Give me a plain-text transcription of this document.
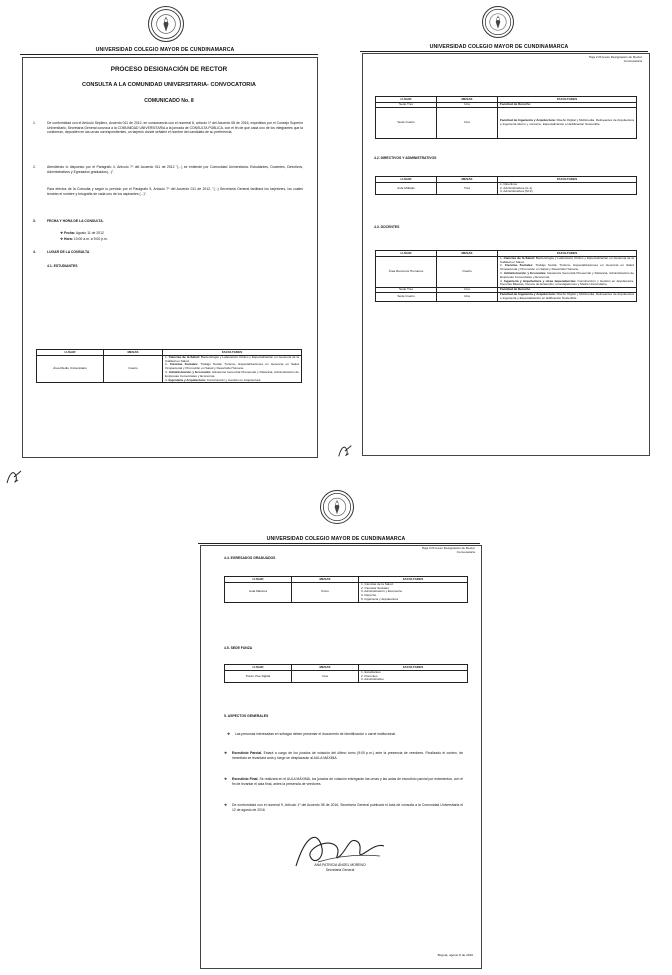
UNIVERSIDAD COLEGIO MAYOR DE CUNDINAMARCA
PROCESO DESIGNACIÓN DE RECTOR
CONSULTA A LA COMUNIDAD UNIVERSITARIA- CONVOCATORIA
COMUNICADO No. 8
1.	De conformidad con el Artículo Séptimo, Acuerdo 011 de 2012, en consonancia con el numeral 8, artículo 1º del Acuerdo 08 de 2016, expedidos por el Consejo Superior Universitario, Secretaría General convoca a la COMUNIDAD UNIVERSITARIA a la jornada de CONSULTA PÚBLICA, con el fin de que cada uno de los integrantes que la conforman, depositen en las urnas correspondientes, un tarjetón donde señalen el nombre del candidato de su preferencia.
2.	Atendiendo lo dispuesto por el Parágrafo 4, Artículo 7º del Acuerdo 011 de 2012 "(...) se entiende por Comunidad Universitaria: Estudiantes, Docentes, Directivos, Administrativos y Egresados graduados(...)".
Para efectos de la Consulta y según lo previsto por el Parágrafo 5, Artículo 7º del Acuerdo 011 de 2012, "(...) Secretaría General facilitará los tarjetones, los cuales tendrán el nombre y fotografía de cada uno de los aspirantes (...)".
3.	FECHA Y HORA DE LA CONSULTA.
❖ Fecha: Agosto 11 de 2012
❖ Hora: 10:00 a.m. a 9:00 p.m.
4.	LUGAR DE LA CONSULTA
4.1. ESTUDIANTES
LUGAR	MESAS	FACULTADES
Área Medio Universitario	Cuatro	1. Ciencias de la Salud: Bacteriología y Laboratorio Clínico y Especialización en Gerencia de la Calidad en Salud.
2. Ciencias Sociales: Trabajo Social, Turismo, Especializaciones en Gerencia en Salud Ocupacional y Promoción en Salud y Desarrollo Humano.
3. Administración y Economía: Asistencia Gerencial Presencial y Distancia, Administración de Empresas Comerciales y Economía.
4. Ingeniería y Arquitectura: Construcción y Gestión en Arquitectura.
UNIVERSIDAD COLEGIO MAYOR DE CUNDINAMARCA
Hoja 2 Proceso Designación de Rector
Convocatoria
LUGAR	MESAS	FACULTADES
Sede Tres	Una	Facultad de Derecho
Sede Cuatro	Una	Facultad de Ingeniería y Arquitectura: Diseño Digital y Multimedia, Delineantes de Arquitectura e Ingeniería diurno y nocturno, Especialización en Edificación Sostenible.
4.2. DIRECTIVOS Y ADMINISTRATIVOS
LUGAR	MESAS	FACULTADES
Aula Múltiple	Tres	1. Directivos
2. Administrativos (A-1)
3. Administrativos (M-2)
4.3. DOCENTES
LUGAR	MESAS	FACULTADES
Área Recursos Humanos	Cuatro	1. Ciencias de la Salud: Bacteriología y Laboratorio Clínico y Especialización en Gerencia de la Calidad en Salud.
2. Ciencias Sociales: Trabajo Social, Turismo, Especializaciones en Gerencia en Salud Ocupacional y Promoción en Salud y Desarrollo Humano.
3. Administración y Economía: Asistencia Gerencial Presencial y Distancia, Administración de Empresas Comerciales y Economía.
4. Ingeniería y Arquitectura y otras dependencias: Construcción y Gestión en Arquitectura, Ciencias Básicas, Cursos de Extensión, Investigaciones y Medio Universitario.

Sede Tres	Una	Facultad de Derecho
Sede Cuatro	Una	Facultad de Ingeniería y Arquitectura: Diseño Digital y Multimedia, Delineantes de Arquitectura e Ingeniería y Especialización en Edificación Sostenible.
UNIVERSIDAD COLEGIO MAYOR DE CUNDINAMARCA
Hoja 3 Proceso Designación de Rector
Convocatoria
4.4. EGRESADOS GRADUADOS
LUGAR	MESAS	FACULTADES
Aula Máxima	Cinco	1. Ciencias de la Salud
2. Ciencias Sociales
3. Administración y Economía
4. Derecho
5. Ingeniería y Arquitectura
4.5. SEDE FUNZA
LUGAR	MESAS	FACULTADES
Punto Vive Digital	Una	1. Estudiantes
2. Docentes
3. Administrativo
5. ASPECTOS GENERALES
❖ Las personas interesadas en sufragar deben presentar el documento de identificación o carné institucional.
❖ Escrutinio Parcial. Estará a cargo de los jurados de votación del último turno (9:00 p.m.) ante la presencia de veedores. Finalizado el conteo, de inmediato se levantará acta y luego se desplazarán al AULA MÁXIMA.
❖ Escrutinio Final. Se realizará en el AULA MÁXIMA, los jurados de votación entregarán las urnas y las actas de escrutinio parcial por estamentos, con el fin de levantar el acta final, antes la presencia de veedores.
❖ De conformidad con el numeral 9, Artículo 1º del Acuerdo 08 de 2016, Secretaría General publicará el Acta de consulta a la Comunidad Universitaria el 12 de agosto de 2016
ANA PATRICIA ÁNGEL MORENO
Secretaria General
Bogotá, agosto 8 de 2016
